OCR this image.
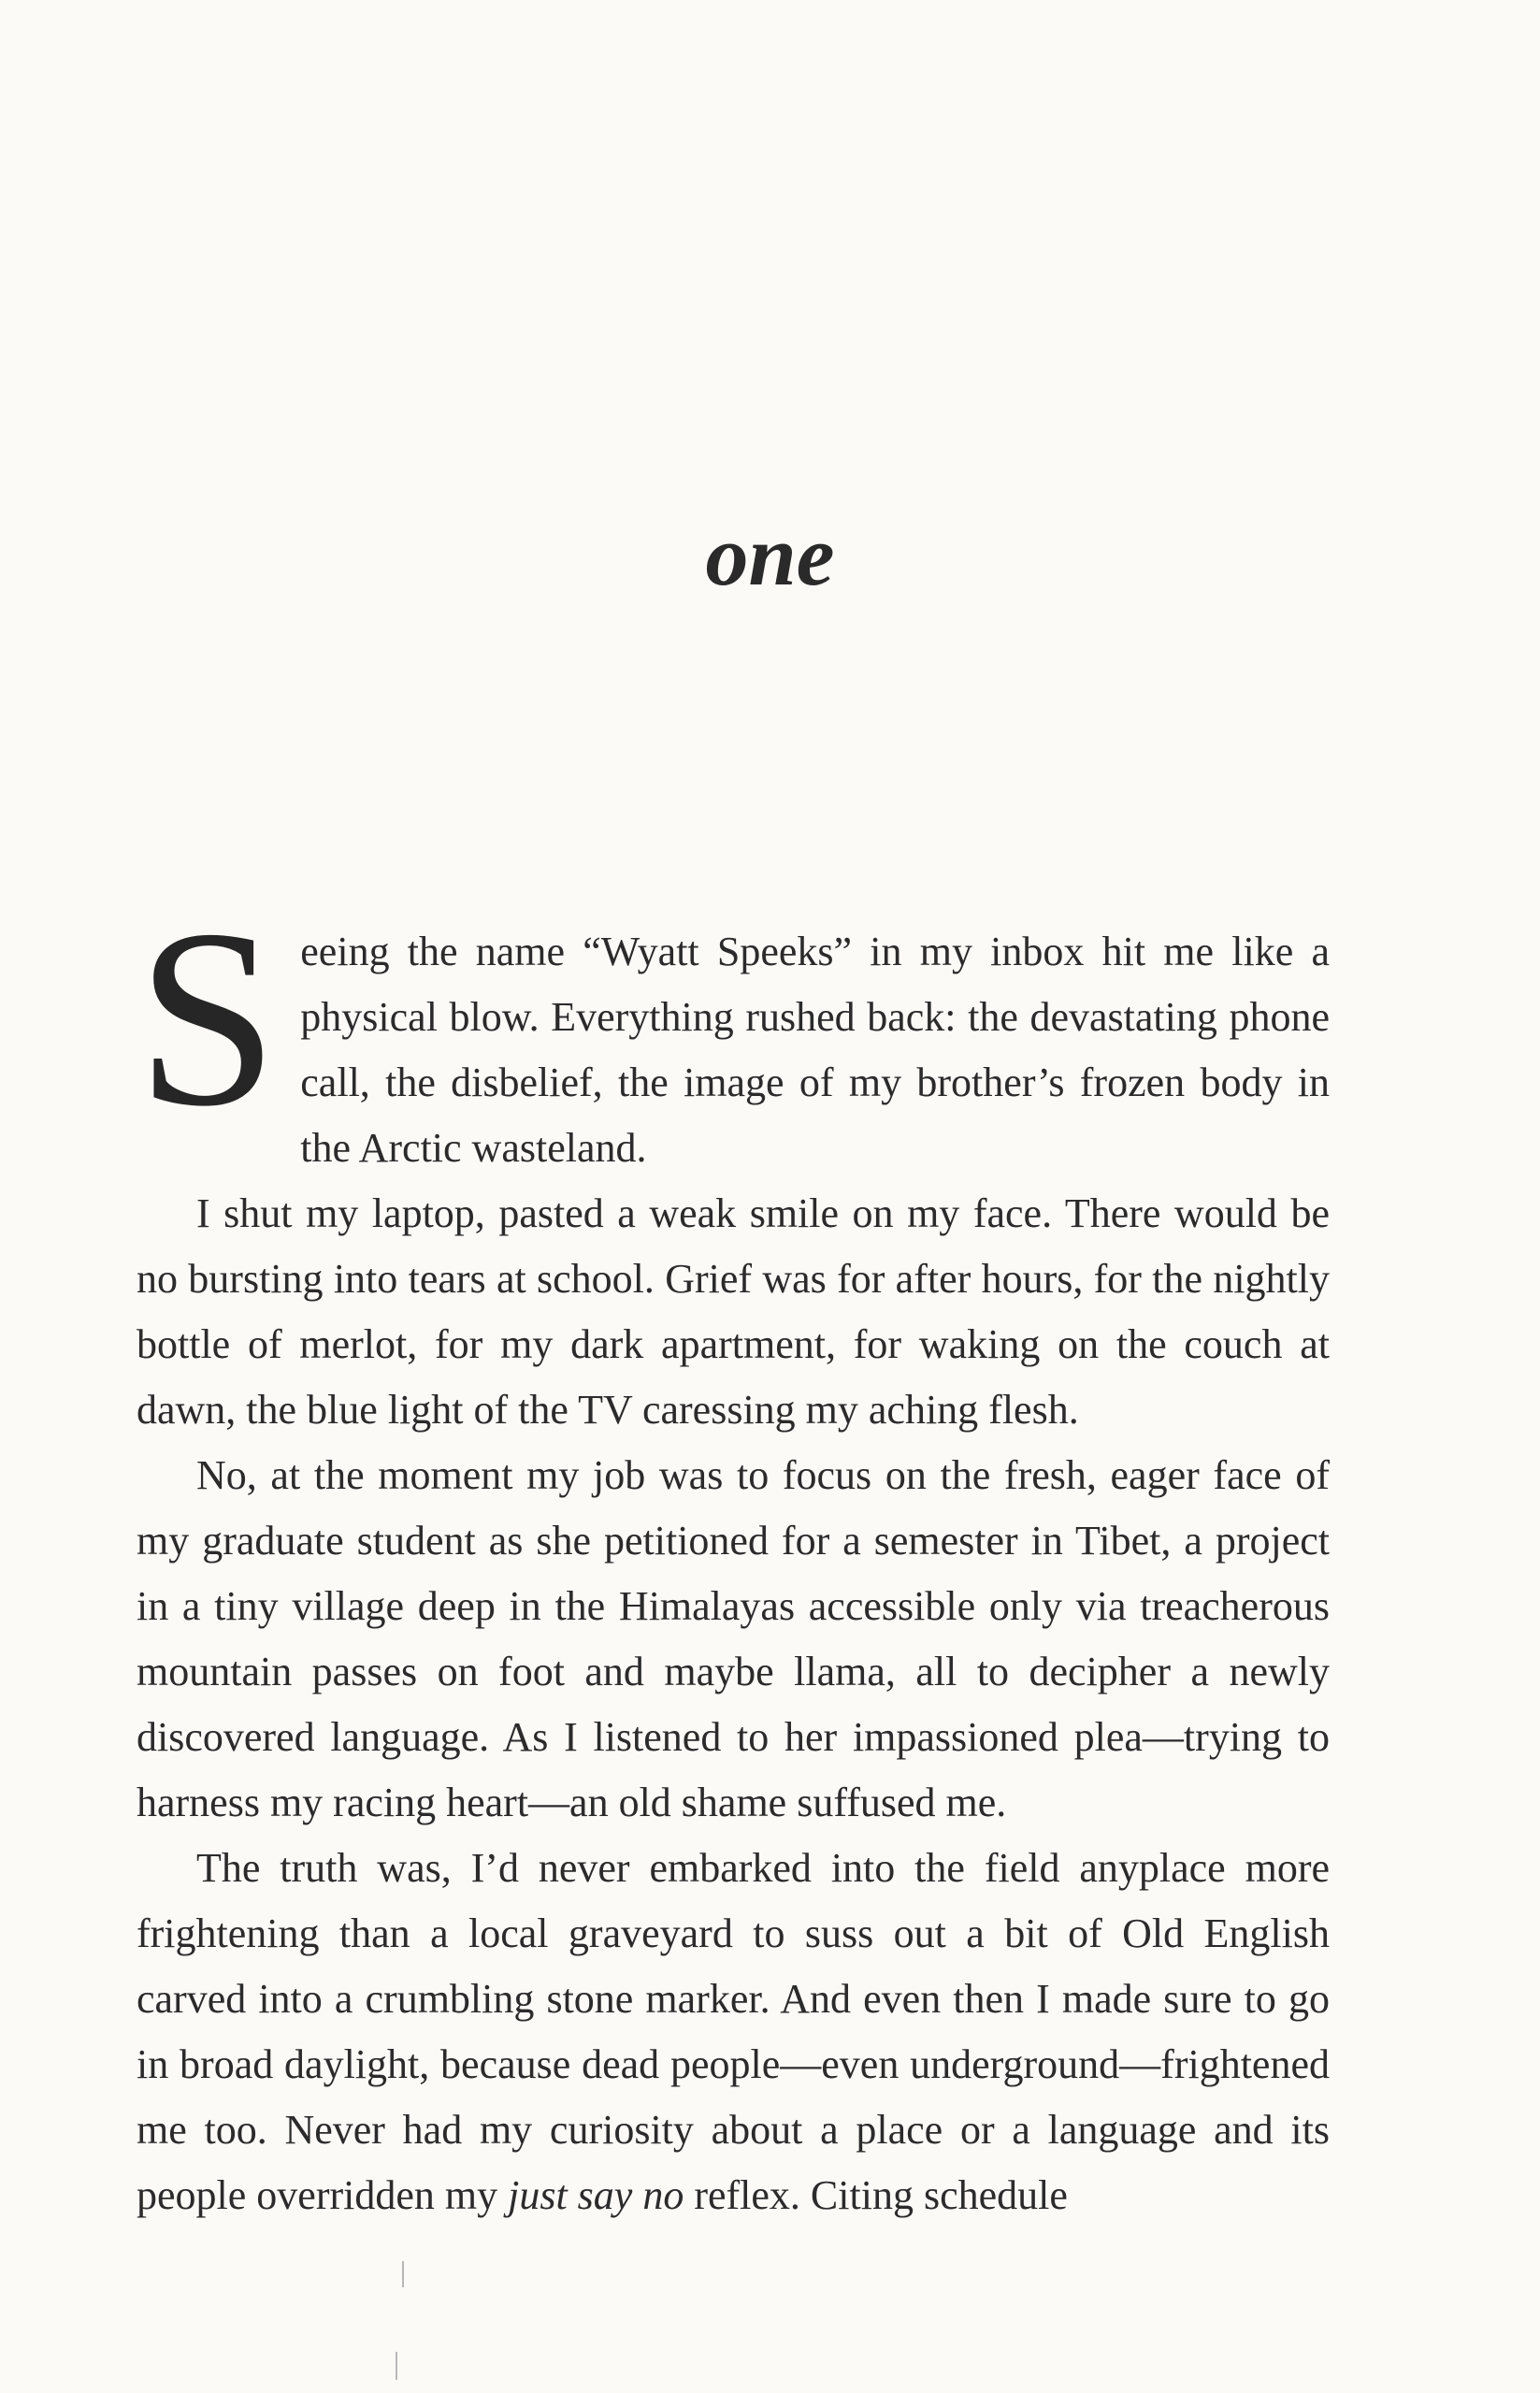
one

Seeing the name “Wyatt Speeks” in my inbox hit me like a physical blow. Everything rushed back: the devastating phone call, the disbelief, the image of my brother’s frozen body in the Arctic wasteland.

I shut my laptop, pasted a weak smile on my face. There would be no bursting into tears at school. Grief was for after hours, for the nightly bottle of merlot, for my dark apartment, for waking on the couch at dawn, the blue light of the TV caressing my aching flesh.

No, at the moment my job was to focus on the fresh, eager face of my graduate student as she petitioned for a semester in Tibet, a project in a tiny village deep in the Himalayas accessible only via treacherous mountain passes on foot and maybe llama, all to decipher a newly discovered language. As I listened to her impassioned plea—trying to harness my racing heart—an old shame suffused me.

The truth was, I’d never embarked into the field anyplace more frightening than a local graveyard to suss out a bit of Old English carved into a crumbling stone marker. And even then I made sure to go in broad daylight, because dead people—even underground—frightened me too. Never had my curiosity about a place or a language and its people overridden my just say no reflex. Citing schedule
